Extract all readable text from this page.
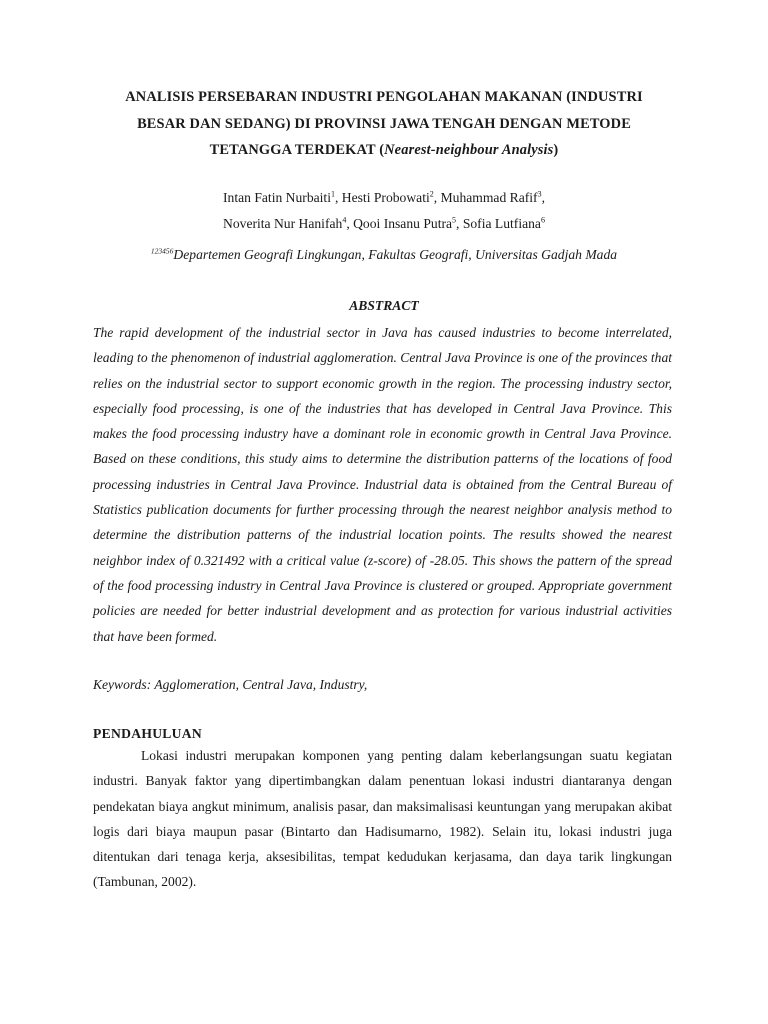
ANALISIS PERSEBARAN INDUSTRI PENGOLAHAN MAKANAN (INDUSTRI
BESAR DAN SEDANG) DI PROVINSI JAWA TENGAH DENGAN METODE
TETANGGA TERDEKAT (Nearest-neighbour Analysis)
Intan Fatin Nurbaiti$^1$, Hesti Probowati$^2$, Muhammad Rafif$^3$,
Noverita Nur Hanifah$^4$, Qooi Insanu Putra$^5$, Sofia Lutfiana$^6$
$^{123456}$Departemen Geografi Lingkungan, Fakultas Geografi, Universitas Gadjah Mada
ABSTRACT

The rapid development of the industrial sector in Java has caused industries to become interrelated, leading to the phenomenon of industrial agglomeration. Central Java Province is one of the provinces that relies on the industrial sector to support economic growth in the region. The processing industry sector, especially food processing, is one of the industries that has developed in Central Java Province. This makes the food processing industry have a dominant role in economic growth in Central Java Province. Based on these conditions, this study aims to determine the distribution patterns of the locations of food processing industries in Central Java Province. Industrial data is obtained from the Central Bureau of Statistics publication documents for further processing through the nearest neighbor analysis method to determine the distribution patterns of the industrial location points. The results showed the nearest neighbor index of 0.321492 with a critical value (z-score) of -28.05. This shows the pattern of the spread of the food processing industry in Central Java Province is clustered or grouped. Appropriate government policies are needed for better industrial development and as protection for various industrial activities that have been formed.

Keywords: Agglomeration, Central Java, Industry,
PENDAHULUAN

Lokasi industri merupakan komponen yang penting dalam keberlangsungan suatu kegiatan industri. Banyak faktor yang dipertimbangkan dalam penentuan lokasi industri diantaranya dengan pendekatan biaya angkut minimum, analisis pasar, dan maksimalisasi keuntungan yang merupakan akibat logis dari biaya maupun pasar (Bintarto dan Hadisumarno, 1982). Selain itu, lokasi industri juga ditentukan dari tenaga kerja, aksesibilitas, tempat kedudukan kerjasama, dan daya tarik lingkungan (Tambunan, 2002).
